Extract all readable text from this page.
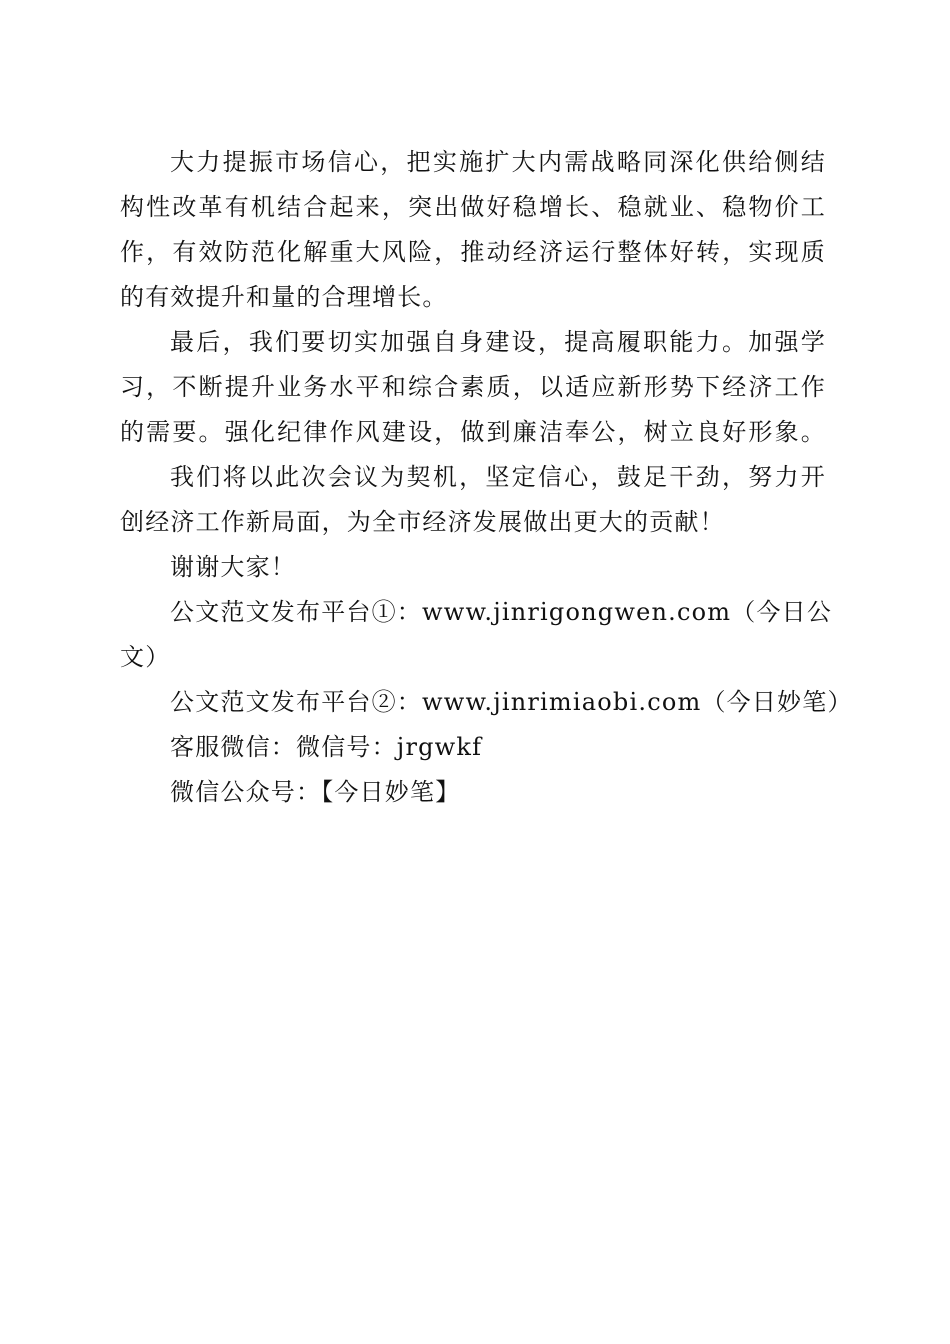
大力提振市场信心，把实施扩大内需战略同深化供给侧结
构性改革有机结合起来，突出做好稳增长、稳就业、稳物价工
作，有效防范化解重大风险，推动经济运行整体好转，实现质
的有效提升和量的合理增长。

最后，我们要切实加强自身建设，提高履职能力。加强学
习，不断提升业务水平和综合素质，以适应新形势下经济工作
的需要。强化纪律作风建设，做到廉洁奉公，树立良好形象。

我们将以此次会议为契机，坚定信心，鼓足干劲，努力开
创经济工作新局面，为全市经济发展做出更大的贡献！

谢谢大家！

公文范文发布平台①：www.jinrigongwen.com（今日公
文）

公文范文发布平台②：www.jinrimiaobi.com（今日妙笔）

客服微信：微信号：jrgwkf

微信公众号：【今日妙笔】
